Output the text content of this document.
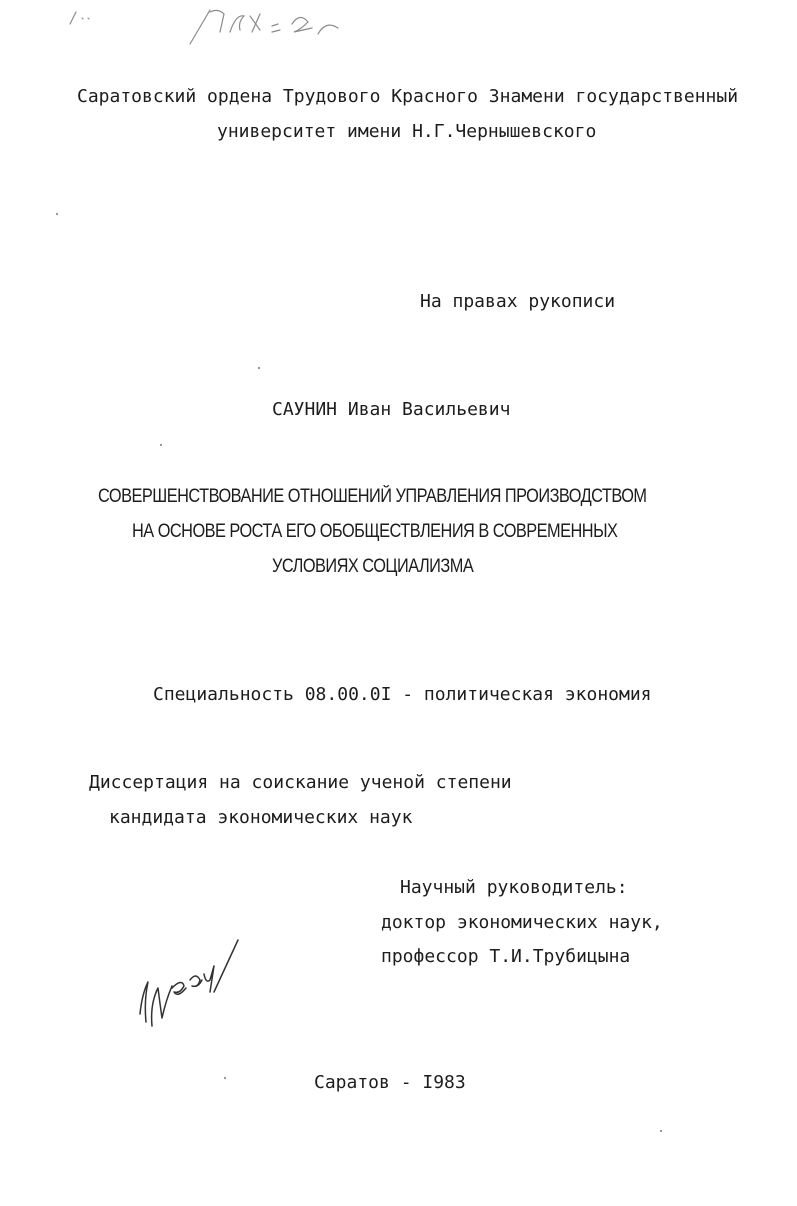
Саратовский ордена Трудового Красного Знамени государственный

университет имени Н.Г.Чернышевского

На правах рукописи

САУНИН Иван Васильевич

СОВЕРШЕНСТВОВАНИЕ ОТНОШЕНИЙ УПРАВЛЕНИЯ ПРОИЗВОДСТВОМ

НА ОСНОВЕ РОСТА ЕГО ОБОБЩЕСТВЛЕНИЯ В СОВРЕМЕННЫХ

УСЛОВИЯХ СОЦИАЛИЗМА

Специальность 08.00.0I - политическая экономия

Диссертация на соискание ученой степени

кандидата экономических наук

Научный руководитель:

доктор экономических наук,

профессор Т.И.Трубицына

Саратов - I983
